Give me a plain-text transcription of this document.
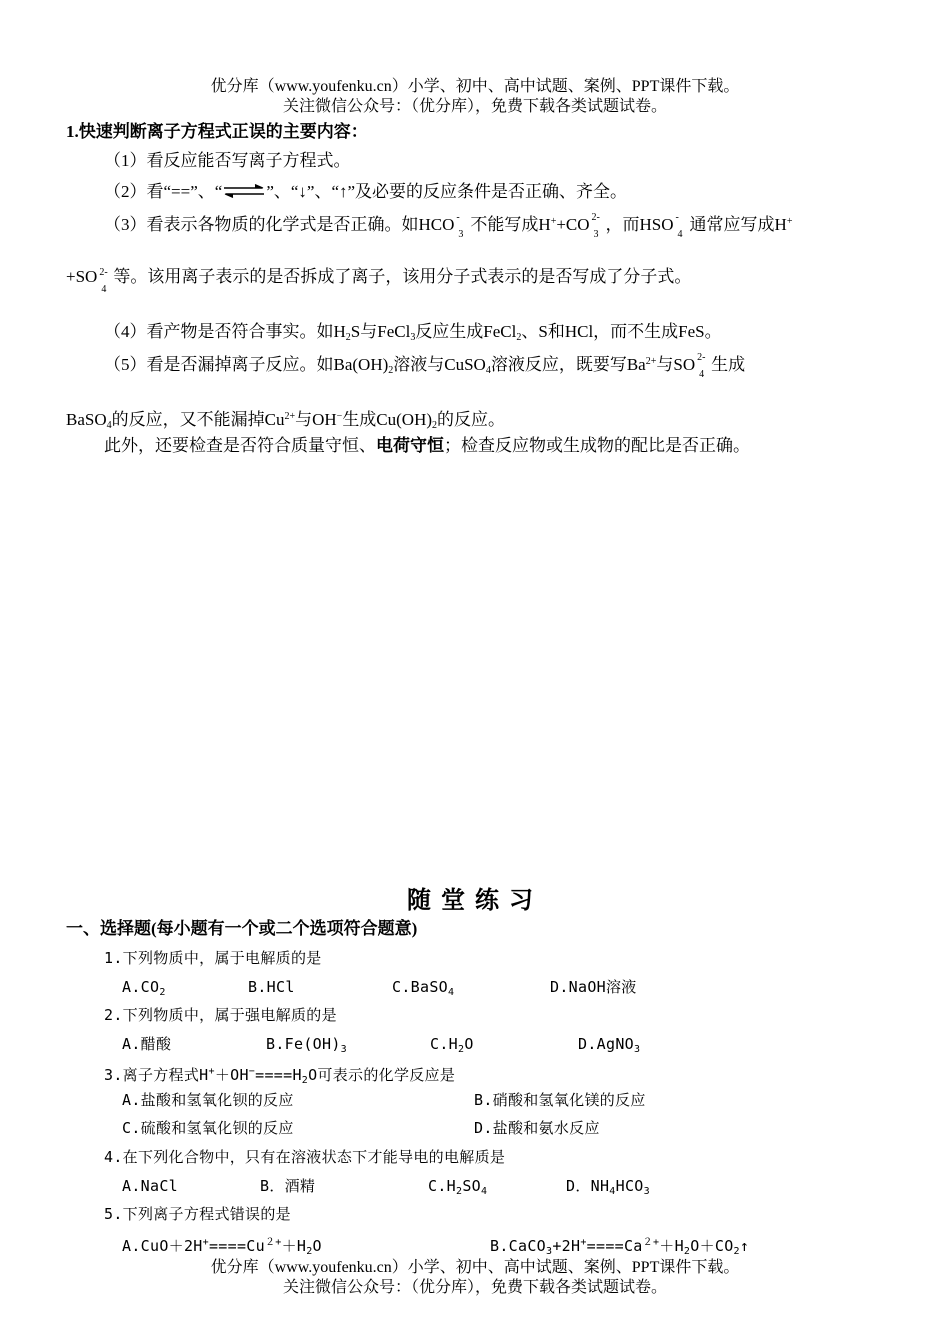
优分库（www.youfenku.cn）小学、初中、高中试题、案例、PPT课件下载。
关注微信公众号：（优分库），免费下载各类试题试卷。
1.快速判断离子方程式正误的主要内容：
（1）看反应能否写离子方程式。
（2）看“==”、“⇌”、“↓”、“↑”及必要的反应条件是否正确、齐全。
（3）看表示各物质的化学式是否正确。如HCO -
3
不能写成H++CO 2-
3
，而HSO -
4
通常应写成H+
+SO 2-
4
等。该用离子表示的是否拆成了离子，该用分子式表示的是否写成了分子式。
（4）看产物是否符合事实。如$H_2S$与FeCl$_3$反应生成FeCl$_2$、S和HCl，而不生成FeS。
（5）看是否漏掉离子反应。如$Ba(OH)_2$溶液与CuSO$_4$溶液反应，既要写$Ba^{2+}$与SO 2-
4
生成
BaSO$_4$的反应，又不能漏掉$Cu^{2+}$与OH−生成$Cu(OH)_2$的反应。
此外，还要检查是否符合质量守恒、电荷守恒；检查反应物或生成物的配比是否正确。
随堂练习
一、选择题(每小题有一个或二个选项符合题意)
1.下列物质中，属于电解质的是
$A.CO_2$	B.HCl	C.BaSO$_4$	D.NaOH溶液
2.下列物质中，属于强电解质的是
A.醋酸	$B.Fe(OH)_3$	$C.H_2O$	D.AgNO$_3$
3.离子方程式$H^++OH^-====H_2O$可表示的化学反应是
A.盐酸和氢氧化钡的反应	B.硝酸和氢氧化镁的反应
C.硫酸和氢氧化钡的反应	D.盐酸和氨水反应
4.在下列化合物中，只有在溶液状态下才能导电的电解质是
A.NaCl	B．酒精	$C.H_2SO_4$	D．$NH_4HCO_3$
5.下列离子方程式错误的是
$A.CuO+2H^+====Cu^{2+}+H_2O$	$B.CaCO_3+2H^+====Ca^{2+}+H_2O+CO_2↑$
优分库（www.youfenku.cn）小学、初中、高中试题、案例、PPT课件下载。
关注微信公众号：（优分库），免费下载各类试题试卷。
